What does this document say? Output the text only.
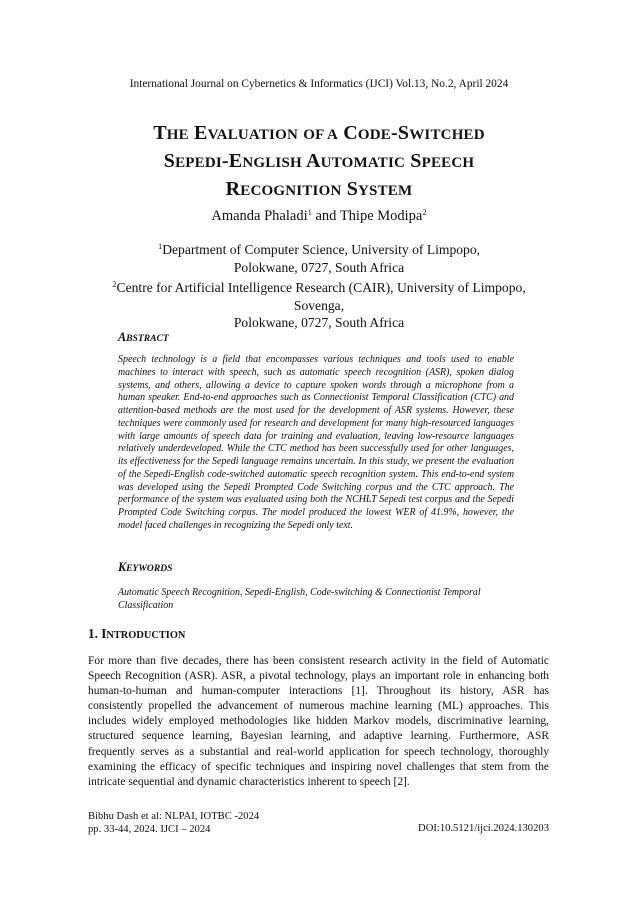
International Journal on Cybernetics & Informatics (IJCI) Vol.13, No.2, April 2024
THE EVALUATION OF A CODE-SWITCHED
SEPEDI-ENGLISH AUTOMATIC SPEECH
RECOGNITION SYSTEM
Amanda Phaladi$^1$ and Thipe Modipa$^2$
$^1$Department of Computer Science, University of Limpopo,
Polokwane, 0727, South Africa
$^2$Centre for Artificial Intelligence Research (CAIR), University of Limpopo,
Sovenga,
Polokwane, 0727, South Africa
ABSTRACT
Speech technology is a field that encompasses various techniques and tools used to enable machines to interact with speech, such as automatic speech recognition (ASR), spoken dialog systems, and others, allowing a device to capture spoken words through a microphone from a human speaker. End-to-end approaches such as Connectionist Temporal Classification (CTC) and attention-based methods are the most used for the development of ASR systems. However, these techniques were commonly used for research and development for many high-resourced languages with large amounts of speech data for training and evaluation, leaving low-resource languages relatively underdeveloped. While the CTC method has been successfully used for other languages, its effectiveness for the Sepedi language remains uncertain. In this study, we present the evaluation of the Sepedi-English code-switched automatic speech recognition system. This end-to-end system was developed using the Sepedi Prompted Code Switching corpus and the CTC approach. The performance of the system was evaluated using both the NCHLT Sepedi test corpus and the Sepedi Prompted Code Switching corpus. The model produced the lowest WER of 41.9%, however, the model faced challenges in recognizing the Sepedi only text.
KEYWORDS
Automatic Speech Recognition, Sepedi-English, Code-switching & Connectionist Temporal Classification
1. INTRODUCTION
For more than five decades, there has been consistent research activity in the field of Automatic Speech Recognition (ASR). ASR, a pivotal technology, plays an important role in enhancing both human-to-human and human-computer interactions [1]. Throughout its history, ASR has consistently propelled the advancement of numerous machine learning (ML) approaches. This includes widely employed methodologies like hidden Markov models, discriminative learning, structured sequence learning, Bayesian learning, and adaptive learning. Furthermore, ASR frequently serves as a substantial and real-world application for speech technology, thoroughly examining the efficacy of specific techniques and inspiring novel challenges that stem from the intricate sequential and dynamic characteristics inherent to speech [2].
Bibhu Dash et al: NLPAI, IOTBC -2024
pp. 33-44, 2024. IJCI – 2024	DOI:10.5121/ijci.2024.130203
